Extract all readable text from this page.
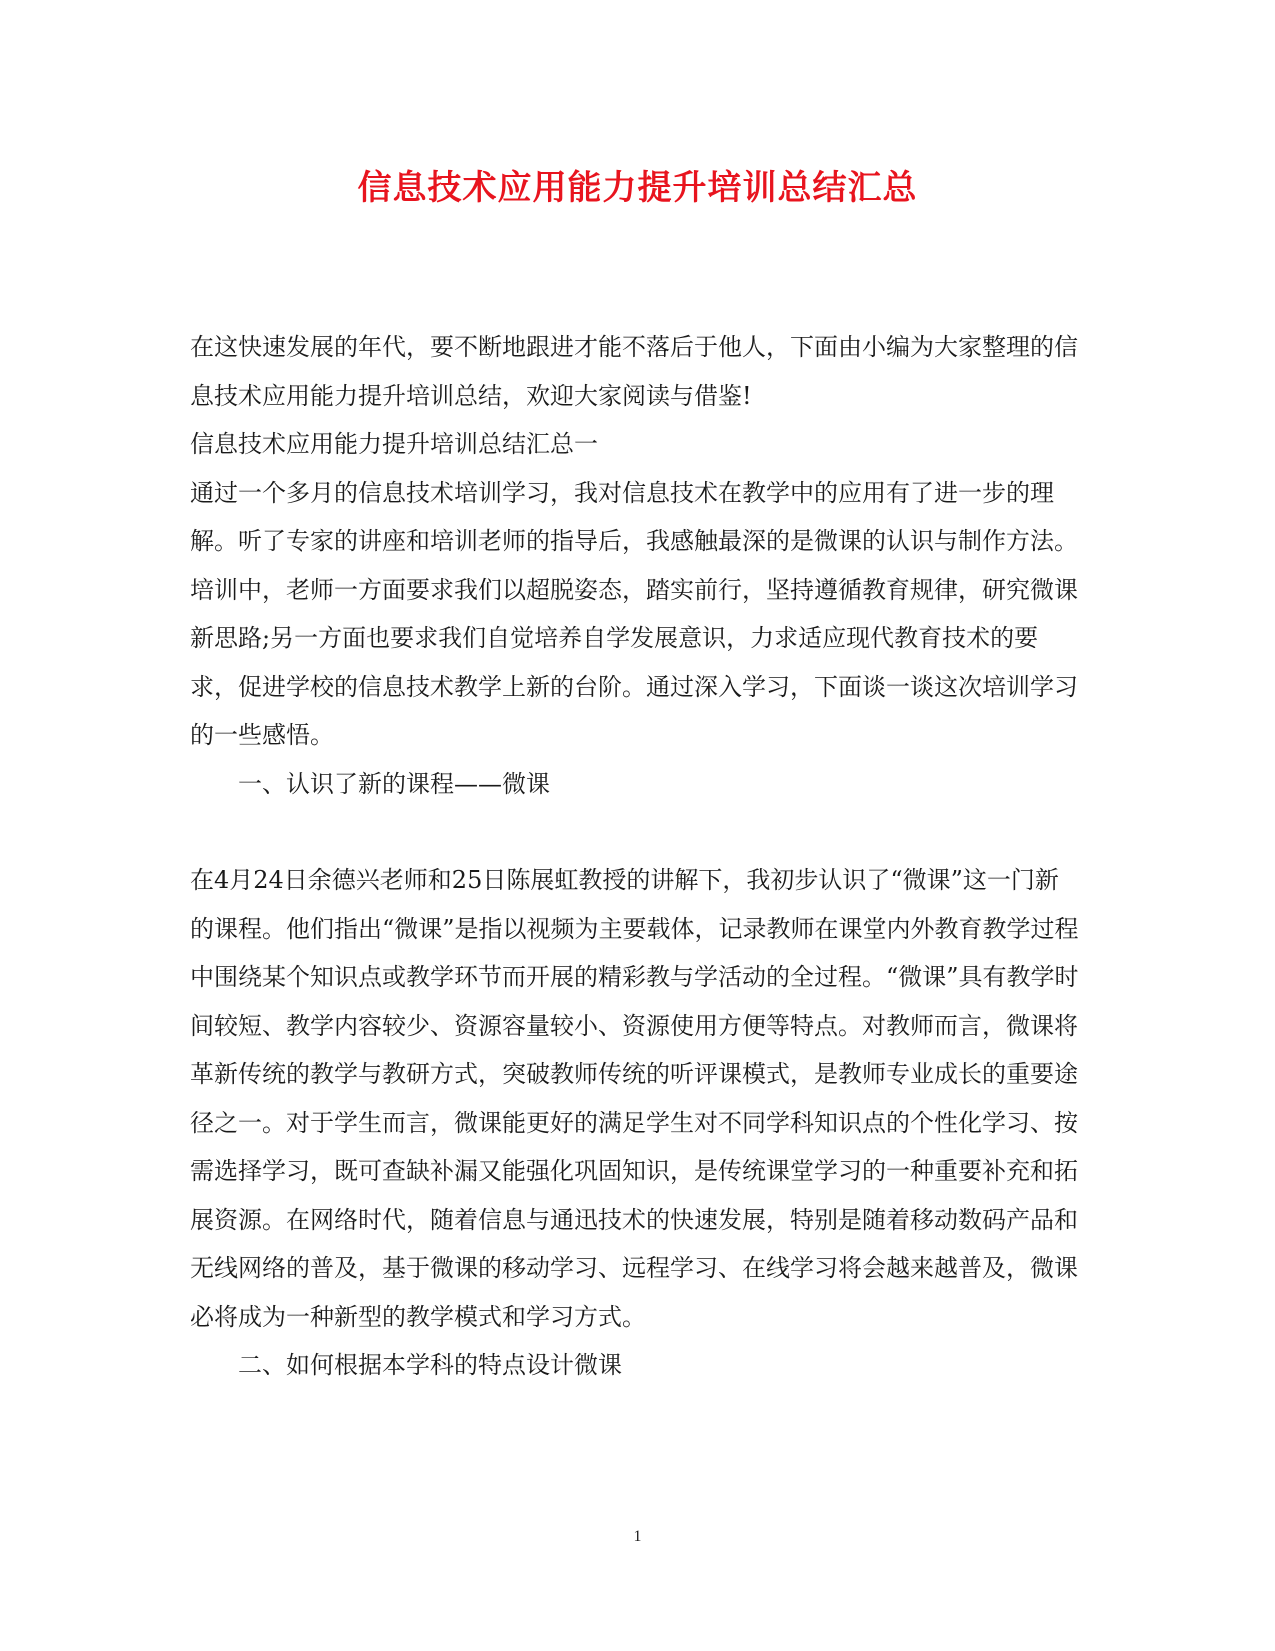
信息技术应用能力提升培训总结汇总

在这快速发展的年代，要不断地跟进才能不落后于他人，下面由小编为大家整理的信息技术应用能力提升培训总结，欢迎大家阅读与借鉴!

信息技术应用能力提升培训总结汇总一

通过一个多月的信息技术培训学习，我对信息技术在教学中的应用有了进一步的理解。听了专家的讲座和培训老师的指导后，我感触最深的是微课的认识与制作方法。培训中，老师一方面要求我们以超脱姿态，踏实前行，坚持遵循教育规律，研究微课新思路;另一方面也要求我们自觉培养自学发展意识，力求适应现代教育技术的要求，促进学校的信息技术教学上新的台阶。通过深入学习，下面谈一谈这次培训学习的一些感悟。

一、认识了新的课程——微课

在4月24日余德兴老师和25日陈展虹教授的讲解下，我初步认识了“微课”这一门新的课程。他们指出“微课”是指以视频为主要载体，记录教师在课堂内外教育教学过程中围绕某个知识点或教学环节而开展的精彩教与学活动的全过程。“微课”具有教学时间较短、教学内容较少、资源容量较小、资源使用方便等特点。对教师而言，微课将革新传统的教学与教研方式，突破教师传统的听评课模式，是教师专业成长的重要途径之一。对于学生而言，微课能更好的满足学生对不同学科知识点的个性化学习、按需选择学习，既可查缺补漏又能强化巩固知识，是传统课堂学习的一种重要补充和拓展资源。在网络时代，随着信息与通迅技术的快速发展，特别是随着移动数码产品和无线网络的普及，基于微课的移动学习、远程学习、在线学习将会越来越普及，微课必将成为一种新型的教学模式和学习方式。

二、如何根据本学科的特点设计微课

1
